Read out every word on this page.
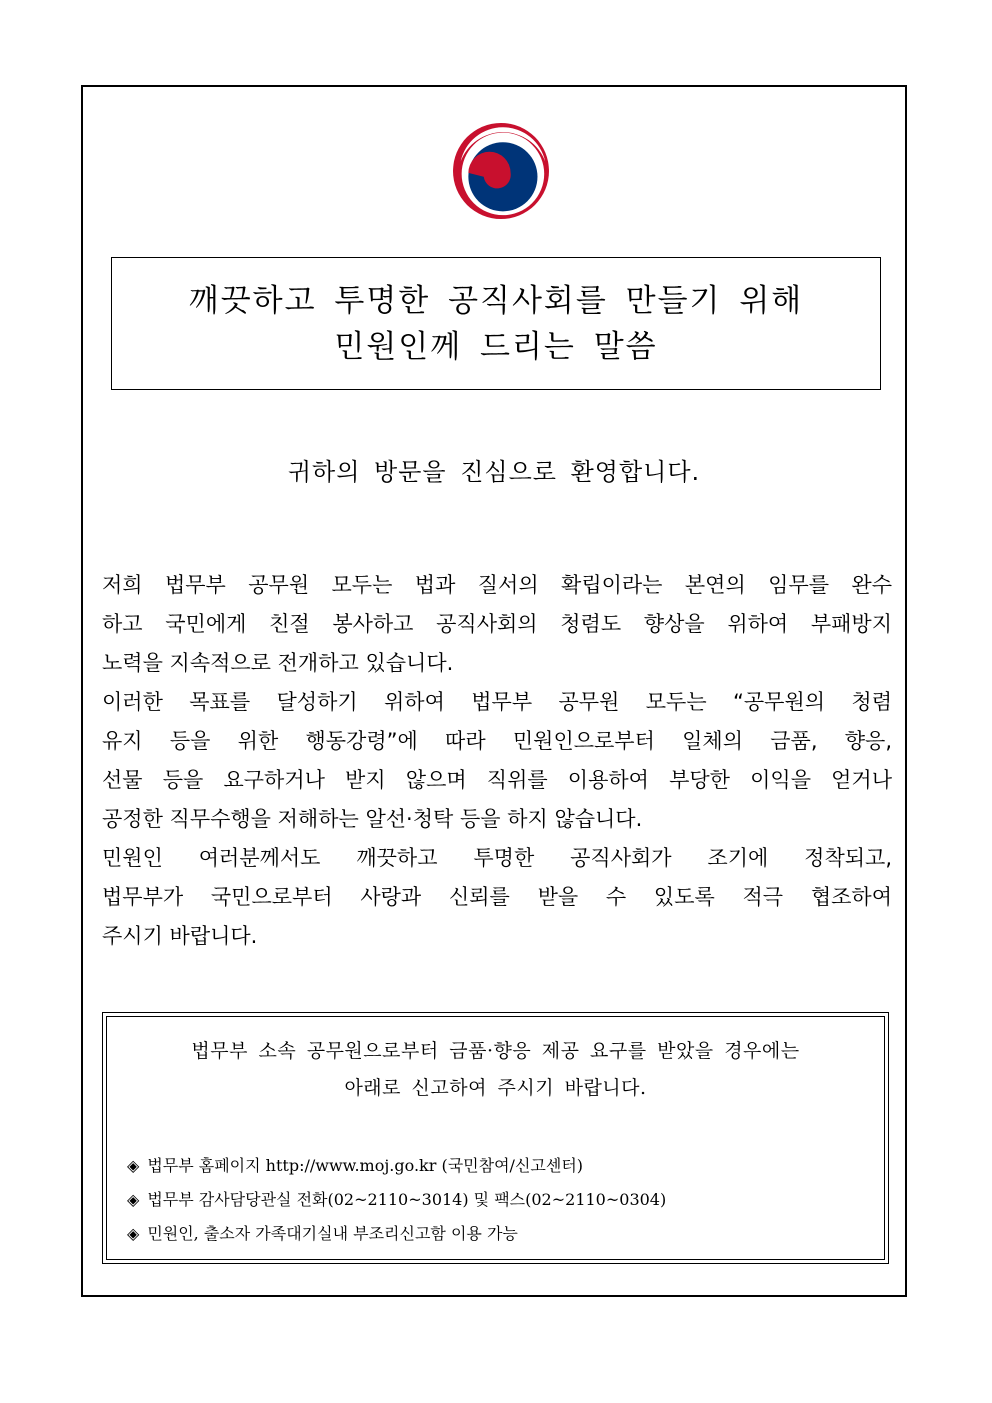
깨끗하고 투명한 공직사회를 만들기 위해
민원인께 드리는 말씀
귀하의 방문을 진심으로 환영합니다.
저희 법무부 공무원 모두는 법과 질서의 확립이라는 본연의 임무를 완수
하고 국민에게 친절 봉사하고 공직사회의 청렴도 향상을 위하여 부패방지
노력을 지속적으로 전개하고 있습니다.
이러한 목표를 달성하기 위하여 법무부 공무원 모두는 “공무원의 청렴
유지 등을 위한 행동강령”에 따라 민원인으로부터 일체의 금품, 향응,
선물 등을 요구하거나 받지 않으며 직위를 이용하여 부당한 이익을 얻거나
공정한 직무수행을 저해하는 알선·청탁 등을 하지 않습니다.
민원인 여러분께서도 깨끗하고 투명한 공직사회가 조기에 정착되고,
법무부가 국민으로부터 사랑과 신뢰를 받을 수 있도록 적극 협조하여
주시기 바랍니다.
법무부 소속 공무원으로부터 금품·향응 제공 요구를 받았을 경우에는
아래로 신고하여 주시기 바랍니다.
◈ 법무부 홈페이지 http://www.moj.go.kr (국민참여/신고센터)
◈ 법무부 감사담당관실 전화(02~2110~3014) 및 팩스(02~2110~0304)
◈ 민원인, 출소자 가족대기실내 부조리신고함 이용 가능
